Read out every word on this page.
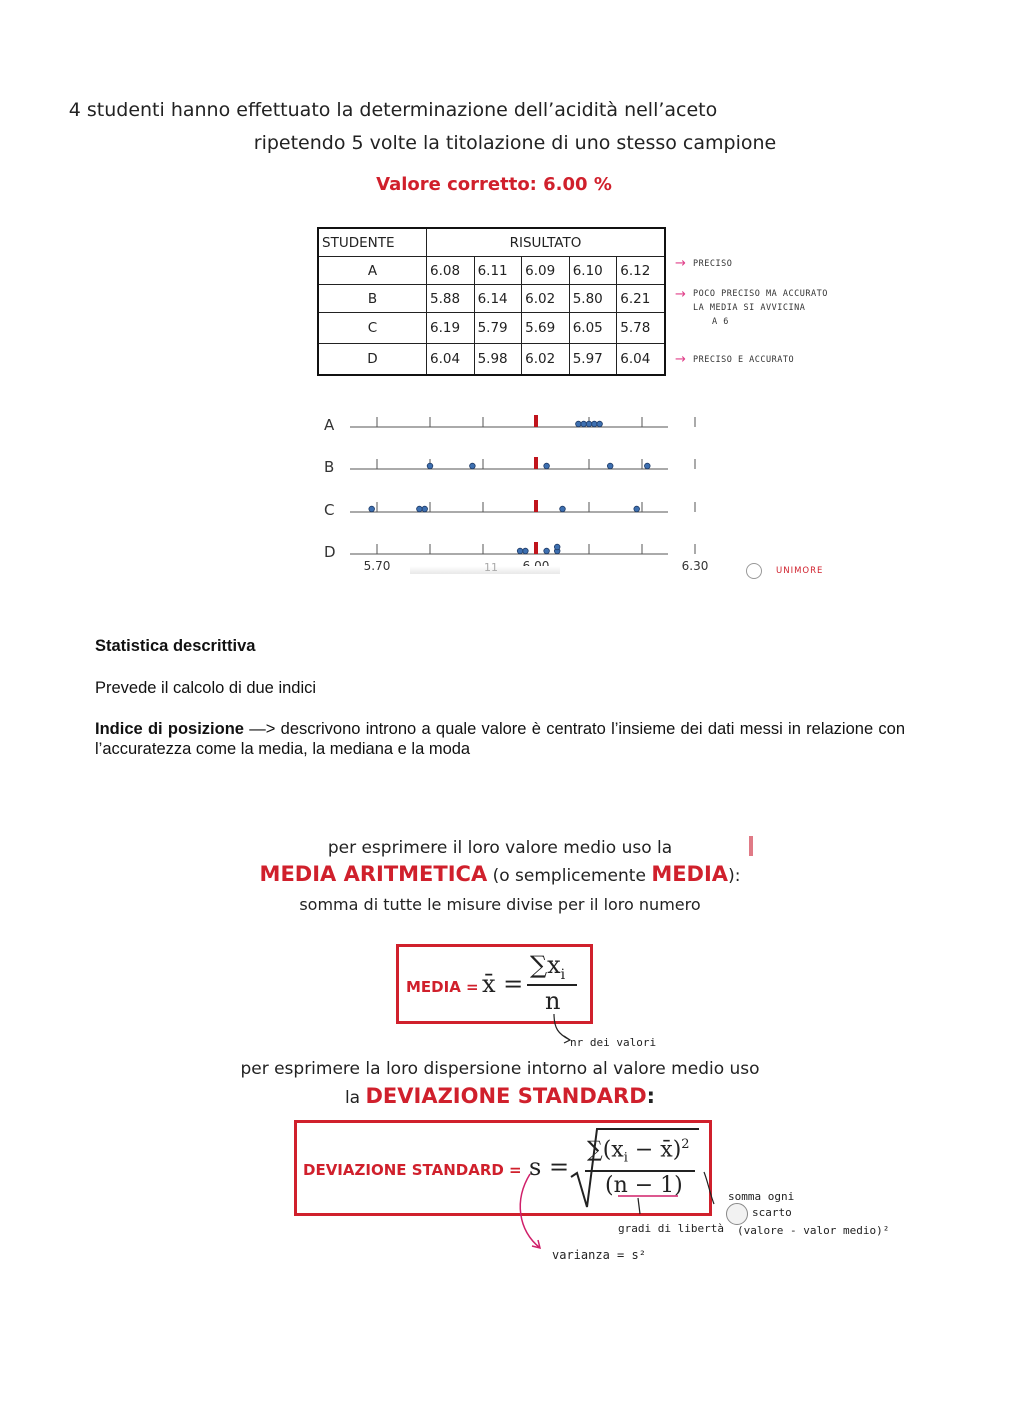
4 studenti hanno effettuato la determinazione dell’acidità nell’aceto
ripetendo 5 volte la titolazione di uno stesso campione
Valore corretto: 6.00 %
STUDENTE	RISULTATO				
A	6.08	6.11	6.09	6.10	6.12
B	5.88	6.14	6.02	5.80	6.21
C	6.19	5.79	5.69	6.05	5.78
D	6.04	5.98	6.02	5.97	6.04
→ PRECISO
→ POCO PRECISO MA ACCURATO
LA MEDIA SI AVVICINA
A 6
→ PRECISO E ACCURATO
A
B
C
D
5.70	6.30
11	UNIMORE
Statistica descrittiva
Prevede il calcolo di due indici
Indice di posizione —> descrivono introno a quale valore è centrato l’insieme dei dati messi in relazione con l’accuratezza come la media, la mediana e la moda
per esprimere il loro valore medio uso la
MEDIA ARITMETICA (o semplicemente MEDIA):
somma di tutte le misure divise per il loro numero
MEDIA = x̄ =
$\sum x_i$
n
nr dei valori
per esprimere la loro dispersione intorno al valore medio uso
la DEVIAZIONE STANDARD:
DEVIAZIONE STANDARD = s =
$\sum(x_i$ − x̄)$^2$
(n − 1)	somma ogni
scarto
(valore - valor medio)²
gradi di libertà
varianza = s²
